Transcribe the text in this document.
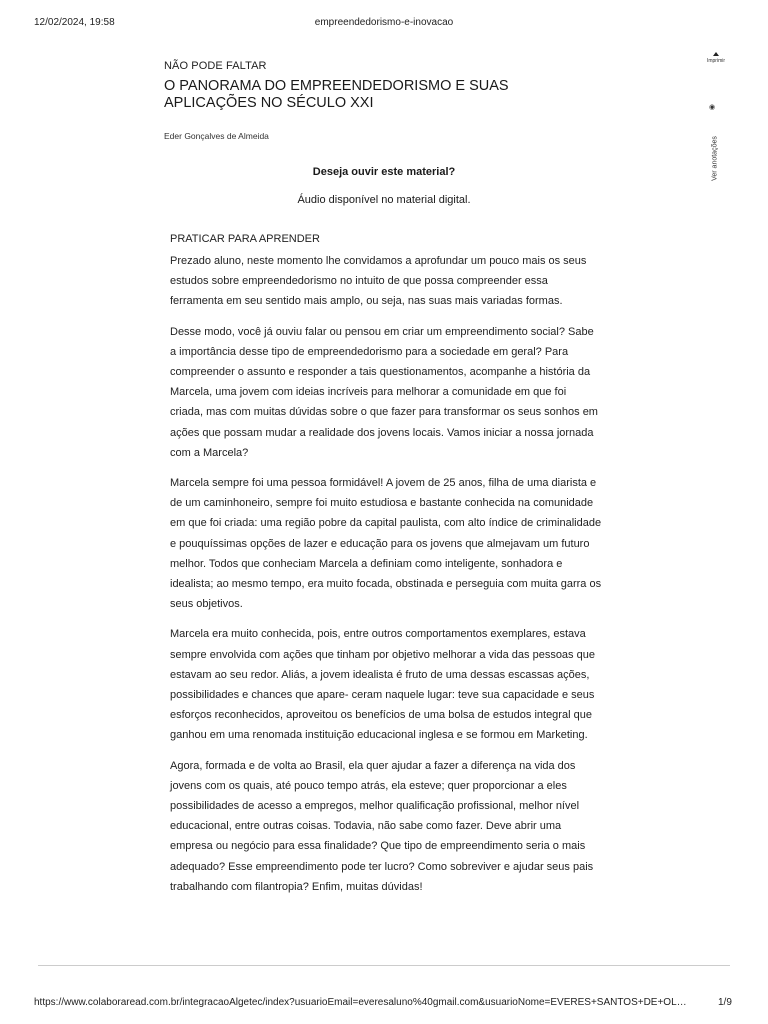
12/02/2024, 19:58	empreendedorismo-e-inovacao
Imprimir
◉
Ver anotações

NÃO PODE FALTAR

O PANORAMA DO EMPREENDEDORISMO E SUAS APLICAÇÕES NO SÉCULO XXI

Eder Gonçalves de Almeida

Deseja ouvir este material?

Áudio disponível no material digital.

PRATICAR PARA APRENDER

Prezado aluno, neste momento lhe convidamos a aprofundar um pouco mais os seus estudos sobre empreendedorismo no intuito de que possa compreender essa ferramenta em seu sentido mais amplo, ou seja, nas suas mais variadas formas.

Desse modo, você já ouviu falar ou pensou em criar um empreendimento social? Sabe a importância desse tipo de empreendedorismo para a sociedade em geral? Para compreender o assunto e responder a tais questionamentos, acompanhe a história da Marcela, uma jovem com ideias incríveis para melhorar a comunidade em que foi criada, mas com muitas dúvidas sobre o que fazer para transformar os seus sonhos em ações que possam mudar a realidade dos jovens locais. Vamos iniciar a nossa jornada com a Marcela?

Marcela sempre foi uma pessoa formidável! A jovem de 25 anos, filha de uma diarista e de um caminhoneiro, sempre foi muito estudiosa e bastante conhecida na comunidade em que foi criada: uma região pobre da capital paulista, com alto índice de criminalidade e pouquíssimas opções de lazer e educação para os jovens que almejavam um futuro melhor. Todos que conheciam Marcela a definiam como inteligente, sonhadora e idealista; ao mesmo tempo, era muito focada, obstinada e perseguia com muita garra os seus objetivos.

Marcela era muito conhecida, pois, entre outros comportamentos exemplares, estava sempre envolvida com ações que tinham por objetivo melhorar a vida das pessoas que estavam ao seu redor. Aliás, a jovem idealista é fruto de uma dessas escassas ações, possibilidades e chances que apare- ceram naquele lugar: teve sua capacidade e seus esforços reconhecidos, aproveitou os benefícios de uma bolsa de estudos integral que ganhou em uma renomada instituição educacional inglesa e se formou em Marketing.

Agora, formada e de volta ao Brasil, ela quer ajudar a fazer a diferença na vida dos jovens com os quais, até pouco tempo atrás, ela esteve; quer proporcionar a eles possibilidades de acesso a empregos, melhor qualificação profissional, melhor nível educacional, entre outras coisas. Todavia, não sabe como fazer. Deve abrir uma empresa ou negócio para essa finalidade? Que tipo de empreendimento seria o mais adequado? Esse empreendimento pode ter lucro? Como sobreviver e ajudar seus pais trabalhando com filantropia? Enfim, muitas dúvidas!

https://www.colaboraread.com.br/integracaoAlgetec/index?usuarioEmail=everesaluno%40gmail.com&usuarioNome=EVERES+SANTOS+DE+OL…	1/9
